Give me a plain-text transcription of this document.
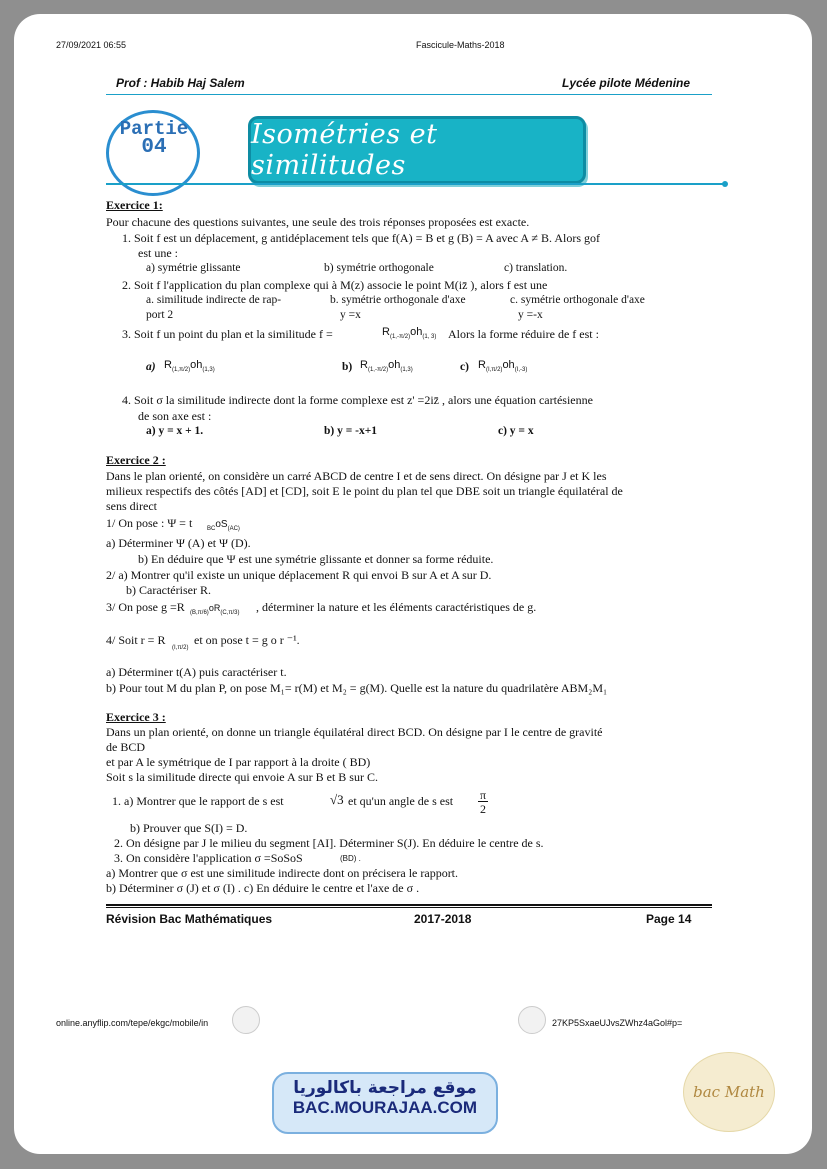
27/09/2021 06:55	Fascicule-Maths-2018
Prof : Habib Haj Salem	Lycée pilote Médenine
Partie
04	Isométries et similitudes
Exercice 1:
Pour chacune des questions suivantes, une seule des trois réponses proposées est exacte.
1. Soit f est un déplacement, g antidéplacement tels que f(A) = B et g (B) = A avec A ≠ B. Alors gof
est une :
a) symétrie glissante	b) symétrie orthogonale	c) translation.
2. Soit f l'application du plan complexe qui à M(z) associe le point M(iz̄ ), alors f est une
a. similitude indirecte de rap-	b. symétrie orthogonale d'axe	c. symétrie orthogonale d'axe
port 2	y =x	y =-x
3. Soit f un point du plan et la similitude f =	$R_{(1,-\pi/2)}oh_{(1, 3)}$ Alors la forme réduire de f est :
a) $R_{(1,\pi/2)}oh_{(1,3)}$	b) $R_{(1,-\pi/2)}oh_{(1,3)}$	c) $R_{(I,\pi/2)}oh_{(I,-3)}$
4. Soit σ la similitude indirecte dont la forme complexe est z' =2iz̄ , alors une équation cartésienne
de son axe est :
a) y = x + 1.	b) y = -x+1	c) y = x
Exercice 2 :
Dans le plan orienté, on considère un carré ABCD de centre I et de sens direct. On désigne par J et K les
milieux respectifs des côtés [AD] et [CD], soit E le point du plan tel que DBE soit un triangle équilatéral de
sens direct
1/ On pose : Ψ = t $_{BC}oS_{(AC)}$
a) Déterminer Ψ (A) et Ψ (D).
b) En déduire que Ψ est une symétrie glissante et donner sa forme réduite.
2/ a) Montrer qu'il existe un unique déplacement R qui envoi B sur A et A sur D.
b) Caractériser R.
3/ On pose g =R $_{(B,\pi/6)}oR_{(C,\pi/3)}$ , déterminer la nature et les éléments caractéristiques de g.
4/ Soit r = R
$_{(I,\pi/2)}$
et on pose t = g o r ⁻¹.
a) Déterminer t(A) puis caractériser t.
b) Pour tout M du plan P, on pose M₁= r(M) et M₂ = g(M). Quelle est la nature du quadrilatère ABM₂M₁
Exercice 3 :
Dans un plan orienté, on donne un triangle équilatéral direct BCD. On désigne par I le centre de gravité
de BCD
et par A le symétrique de I par rapport à la droite ( BD)
Soit s la similitude directe qui envoie A sur B et B sur C.
1. a) Montrer que le rapport de s est	√3 et qu'un angle de s est π
2
b) Prouver que S(I) = D.
2. On désigne par J le milieu du segment [AI]. Déterminer S(J). En déduire le centre de s.
3. On considère l'application σ =SoSoS	(BD) .
a) Montrer que σ est une similitude indirecte dont on précisera le rapport.
b) Déterminer σ (J) et σ (I) . c) En déduire le centre et l'axe de σ .
Révision Bac Mathématiques	2017-2018	Page 14
online.anyflip.com/tepe/ekgc/mobile/in	27KP5SxaeUJvsZWhz4aGol#p=
موقع مراجعة باكالوريا
BAC.MOURAJAA.COM
bac Math
